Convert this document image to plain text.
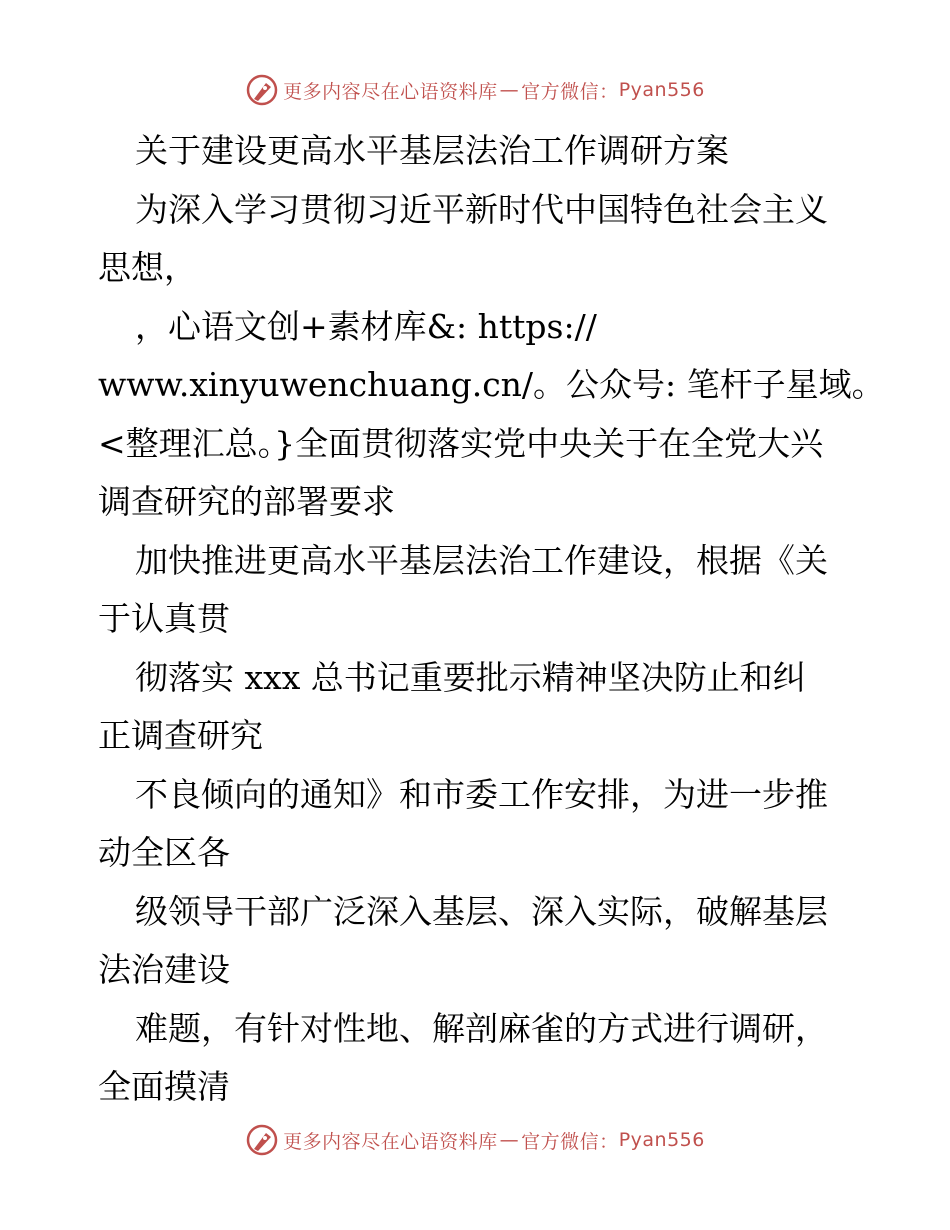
更多内容尽在心语资料库 — 官方微信： Pyan556
关于建设更高水平基层法治工作调研方案
为深入学习贯彻习近平新时代中国特色社会主义
思想，
，心语文创+素材库&: https://
www.xinyuwenchuang.cn/。公众号: 笔杆子星域。
<整理汇总。}全面贯彻落实党中央关于在全党大兴
调查研究的部署要求
加快推进更高水平基层法治工作建设，根据《关
于认真贯
彻落实 xxx 总书记重要批示精神坚决防止和纠
正调查研究
不良倾向的通知》和市委工作安排，为进一步推
动全区各
级领导干部广泛深入基层、深入实际，破解基层
法治建设
难题，有针对性地、解剖麻雀的方式进行调研，
全面摸清
更多内容尽在心语资料库 — 官方微信： Pyan556
